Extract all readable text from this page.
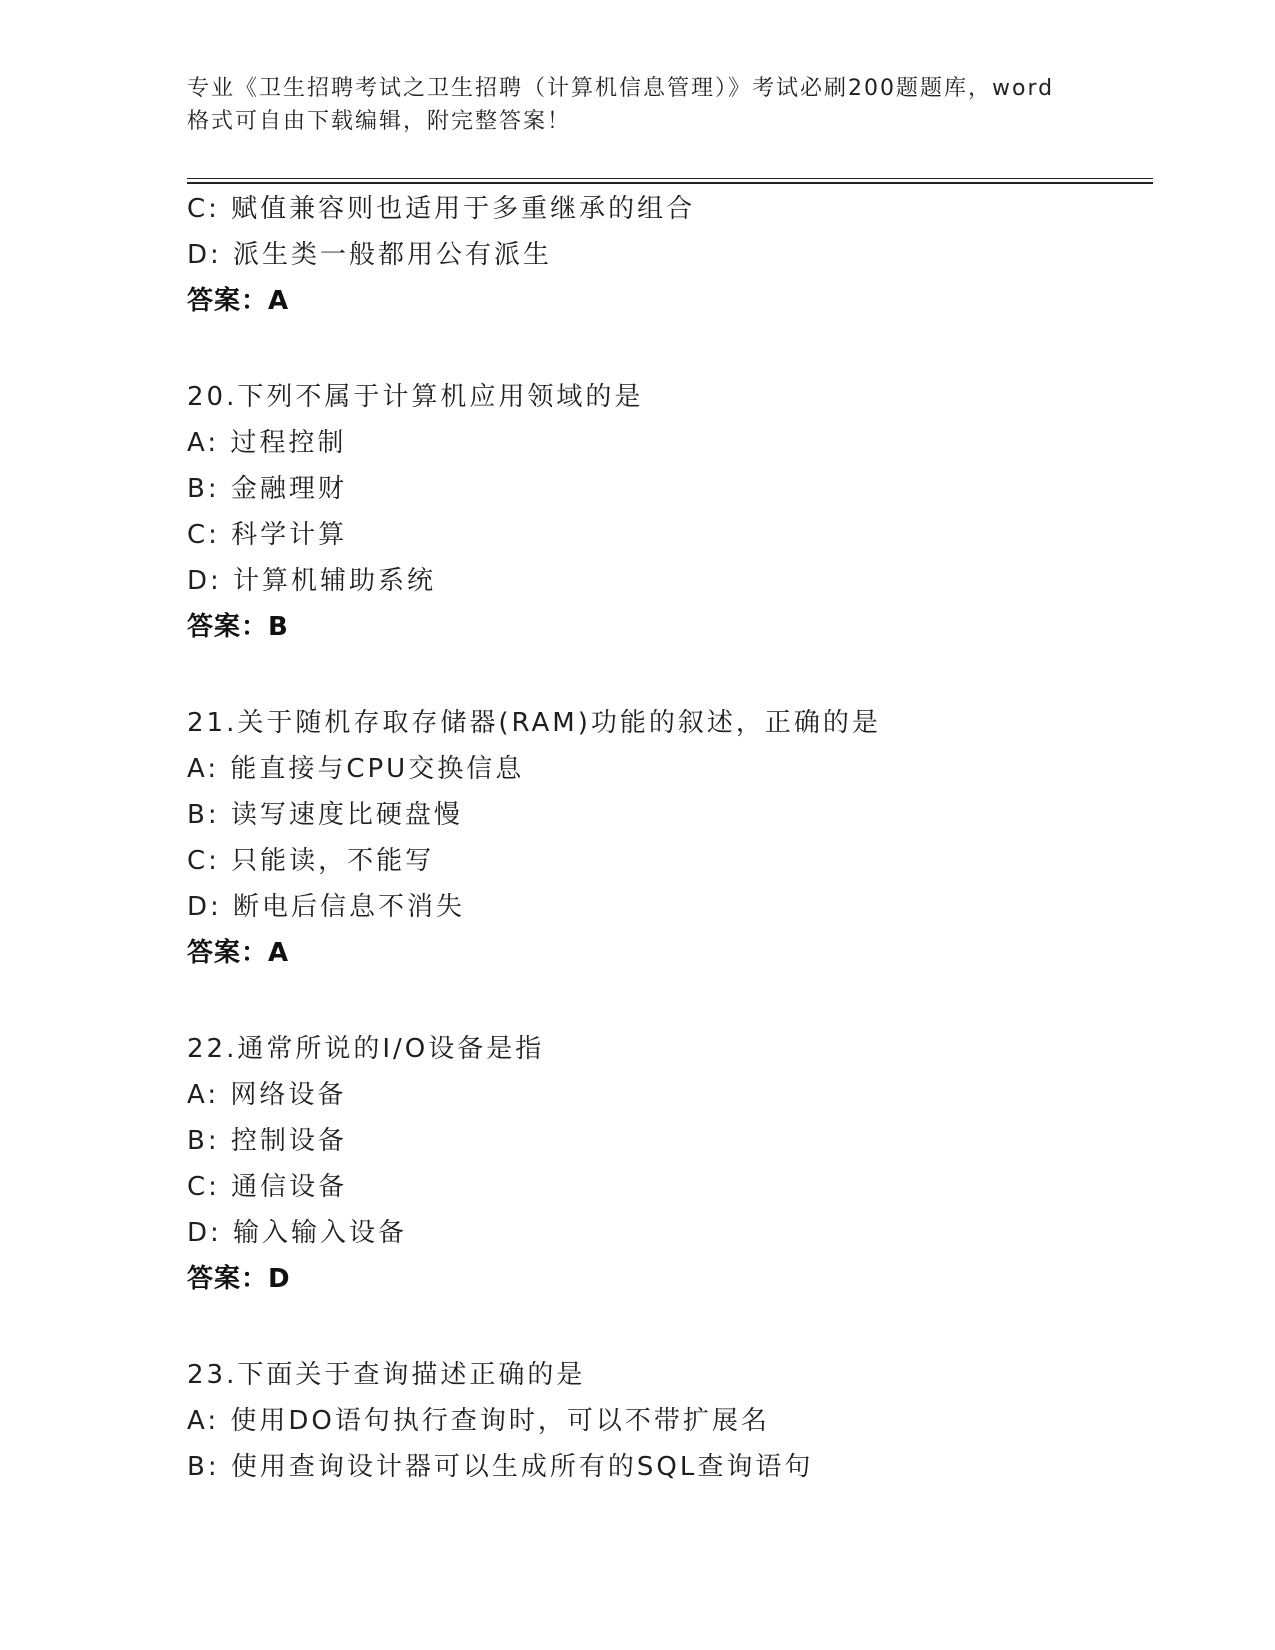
专业《卫生招聘考试之卫生招聘（计算机信息管理）》考试必刷200题题库，word
格式可自由下载编辑，附完整答案！
C: 赋值兼容则也适用于多重继承的组合
D: 派生类一般都用公有派生
答案：A
20.下列不属于计算机应用领域的是
A: 过程控制
B: 金融理财
C: 科学计算
D: 计算机辅助系统
答案：B
21.关于随机存取存储器(RAM)功能的叙述，正确的是
A: 能直接与CPU交换信息
B: 读写速度比硬盘慢
C: 只能读，不能写
D: 断电后信息不消失
答案：A
22.通常所说的I/O设备是指
A: 网络设备
B: 控制设备
C: 通信设备
D: 输入输入设备
答案：D
23.下面关于查询描述正确的是
A: 使用DO语句执行查询时，可以不带扩展名
B: 使用查询设计器可以生成所有的SQL查询语句
